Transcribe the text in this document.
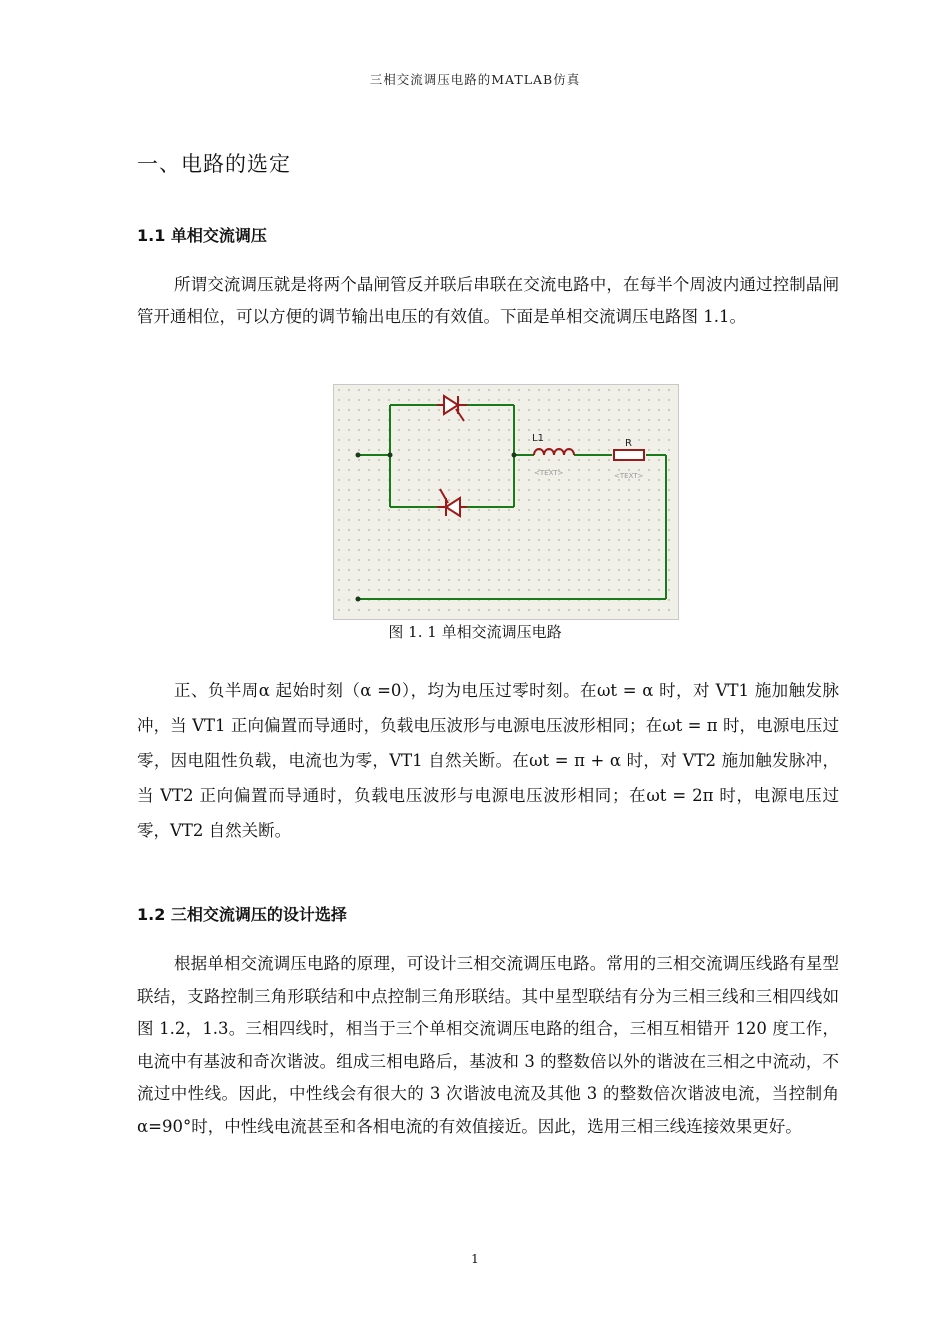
三相交流调压电路的MATLAB仿真
一、电路的选定
1.1 单相交流调压

所谓交流调压就是将两个晶闸管反并联后串联在交流电路中，在每半个周波内通过控制晶闸管开通相位，可以方便的调节输出电压的有效值。下面是单相交流调压电路图 1.1。

L1
<TEXT>
R
<TEXT>
图 1. 1 单相交流调压电路

正、负半周α 起始时刻（α =0），均为电压过零时刻。在ωt = α 时，对 VT1 施加触发脉冲，当 VT1 正向偏置而导通时，负载电压波形与电源电压波形相同；在ωt = π 时，电源电压过零，因电阻性负载，电流也为零，VT1 自然关断。在ωt = π + α 时，对 VT2 施加触发脉冲，当 VT2 正向偏置而导通时，负载电压波形与电源电压波形相同；在ωt = 2π 时，电源电压过零，VT2 自然关断。

1.2 三相交流调压的设计选择

根据单相交流调压电路的原理，可设计三相交流调压电路。常用的三相交流调压线路有星型联结，支路控制三角形联结和中点控制三角形联结。其中星型联结有分为三相三线和三相四线如图 1.2，1.3。三相四线时，相当于三个单相交流调压电路的组合，三相互相错开 120 度工作，电流中有基波和奇次谐波。组成三相电路后，基波和 3 的整数倍以外的谐波在三相之中流动，不流过中性线。因此，中性线会有很大的 3 次谐波电流及其他 3 的整数倍次谐波电流，当控制角α=90°时，中性线电流甚至和各相电流的有效值接近。因此，选用三相三线连接效果更好。

1
